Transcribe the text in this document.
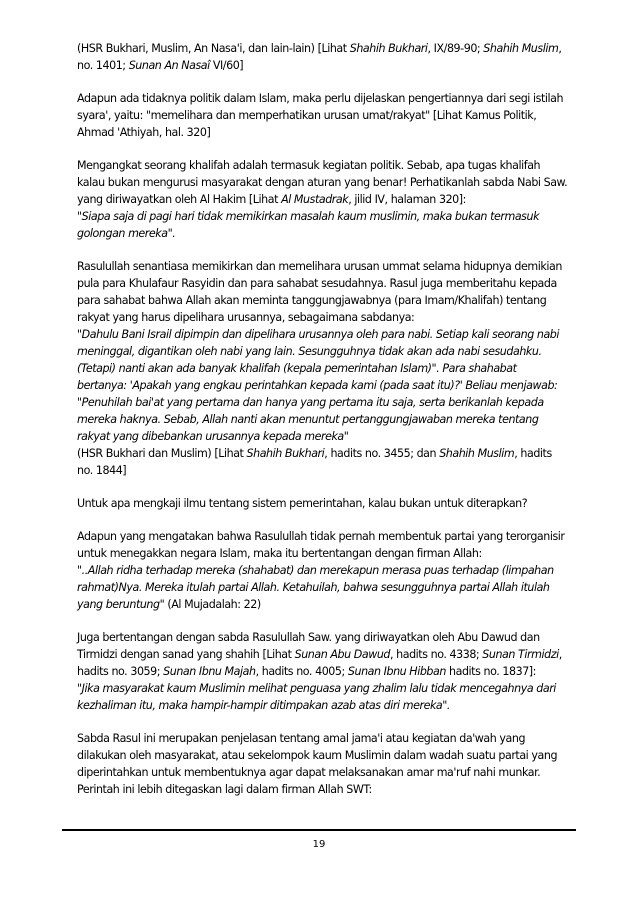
(HSR Bukhari, Muslim, An Nasa'i, dan lain-lain) [Lihat Shahih Bukhari, IX/89-90; Shahih Muslim, no. 1401; Sunan An Nasaî VI/60]

Adapun ada tidaknya politik dalam Islam, maka perlu dijelaskan pengertiannya dari segi istilah syara', yaitu: "memelihara dan memperhatikan urusan umat/rakyat" [Lihat Kamus Politik, Ahmad 'Athiyah, hal. 320]

Mengangkat seorang khalifah adalah termasuk kegiatan politik. Sebab, apa tugas khalifah kalau bukan mengurusi masyarakat dengan aturan yang benar! Perhatikanlah sabda Nabi Saw. yang diriwayatkan oleh Al Hakim [Lihat Al Mustadrak, jilid IV, halaman 320]:
"Siapa saja di pagi hari tidak memikirkan masalah kaum muslimin, maka bukan termasuk golongan mereka".

Rasulullah senantiasa memikirkan dan memelihara urusan ummat selama hidupnya demikian pula para Khulafaur Rasyidin dan para sahabat sesudahnya. Rasul juga memberitahu kepada para sahabat bahwa Allah akan meminta tanggungjawabnya (para Imam/Khalifah) tentang rakyat yang harus dipelihara urusannya, sebagaimana sabdanya:
"Dahulu Bani Israil dipimpin dan dipelihara urusannya oleh para nabi. Setiap kali seorang nabi meninggal, digantikan oleh nabi yang lain. Sesungguhnya tidak akan ada nabi sesudahku. (Tetapi) nanti akan ada banyak khalifah (kepala pemerintahan Islam)". Para shahabat bertanya: 'Apakah yang engkau perintahkan kepada kami (pada saat itu)?' Beliau menjawab: "Penuhilah bai'at yang pertama dan hanya yang pertama itu saja, serta berikanlah kepada mereka haknya. Sebab, Allah nanti akan menuntut pertanggungjawaban mereka tentang rakyat yang dibebankan urusannya kepada mereka"
(HSR Bukhari dan Muslim) [Lihat Shahih Bukhari, hadits no. 3455; dan Shahih Muslim, hadits no. 1844]

Untuk apa mengkaji ilmu tentang sistem pemerintahan, kalau bukan untuk diterapkan?

Adapun yang mengatakan bahwa Rasulullah tidak pernah membentuk partai yang terorganisir untuk menegakkan negara Islam, maka itu bertentangan dengan firman Allah:
"..Allah ridha terhadap mereka (shahabat) dan merekapun merasa puas terhadap (limpahan rahmat)Nya. Mereka itulah partai Allah. Ketahuilah, bahwa sesungguhnya partai Allah itulah yang beruntung" (Al Mujadalah: 22)

Juga bertentangan dengan sabda Rasulullah Saw. yang diriwayatkan oleh Abu Dawud dan Tirmidzi dengan sanad yang shahih [Lihat Sunan Abu Dawud, hadits no. 4338; Sunan Tirmidzi, hadits no. 3059; Sunan Ibnu Majah, hadits no. 4005; Sunan Ibnu Hibban hadits no. 1837]:
"Jika masyarakat kaum Muslimin melihat penguasa yang zhalim lalu tidak mencegahnya dari kezhaliman itu, maka hampir-hampir ditimpakan azab atas diri mereka".

Sabda Rasul ini merupakan penjelasan tentang amal jama'i atau kegiatan da'wah yang dilakukan oleh masyarakat, atau sekelompok kaum Muslimin dalam wadah suatu partai yang diperintahkan untuk membentuknya agar dapat melaksanakan amar ma'ruf nahi munkar. Perintah ini lebih ditegaskan lagi dalam firman Allah SWT:

19
